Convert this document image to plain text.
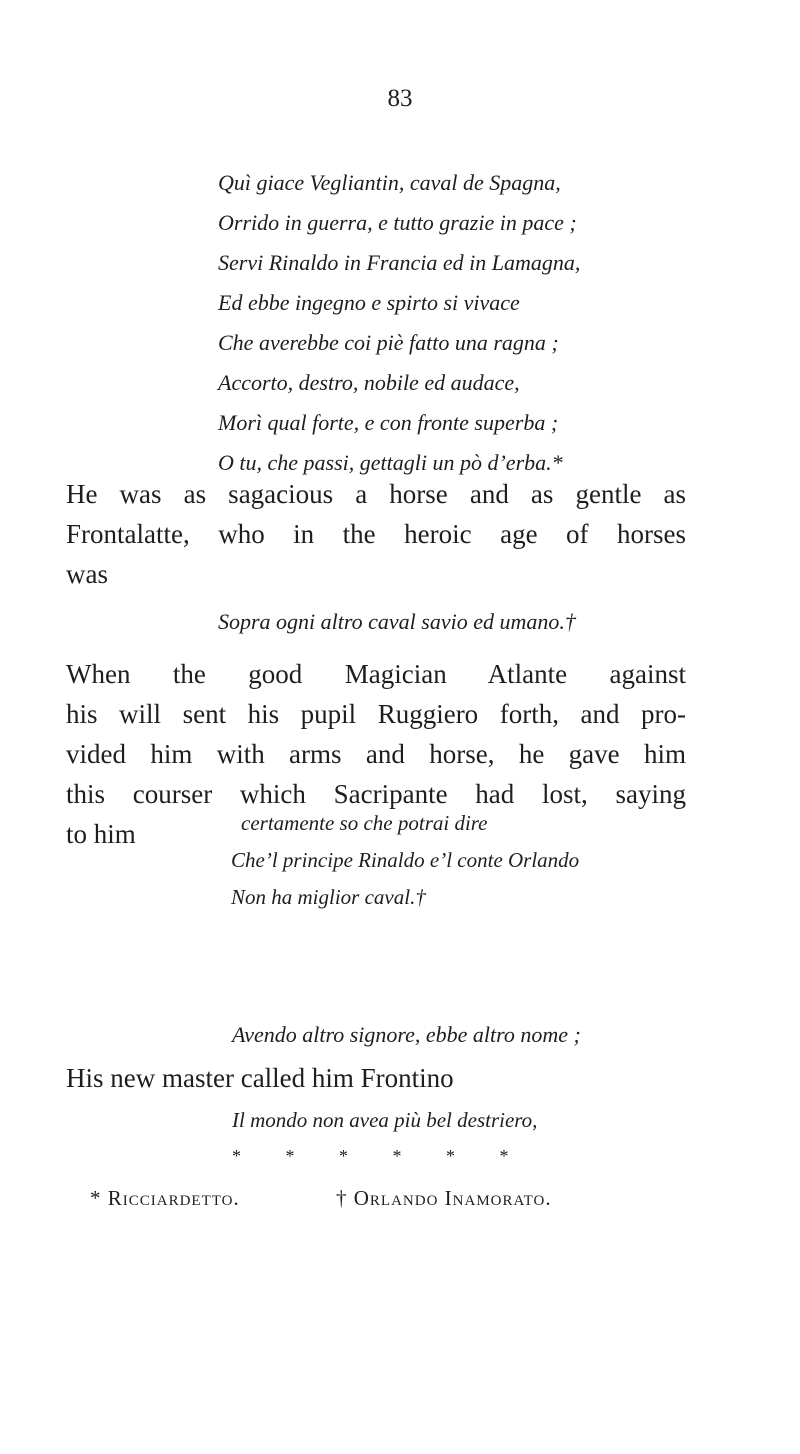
83
Quì giace Vegliantin, caval de Spagna,
Orrido in guerra, e tutto grazie in pace ;
Servi Rinaldo in Francia ed in Lamagna,
Ed ebbe ingegno e spirto si vivace
Che averebbe coi piè fatto una ragna ;
Accorto, destro, nobile ed audace,
Morì qual forte, e con fronte superba ;
O tu, che passi, gettagli un pò d’erba.*

He was as sagacious a horse and as gentle as
Frontalatte, who in the heroic age of horses
was

Sopra ogni altro caval savio ed umano.†

When the good Magician Atlante against
his will sent his pupil Ruggiero forth, and pro-
vided him with arms and horse, he gave him
this courser which Sacripante had lost, saying
to him	certamente so che potrai dire
Che’l principe Rinaldo e’l conte Orlando
Non ha miglior caval.†
Avendo altro signore, ebbe altro nome ;

His new master called him Frontino

Il mondo non avea più bel destriero,
* * * * * *
* Ricciardetto.	† Orlando Inamorato.
